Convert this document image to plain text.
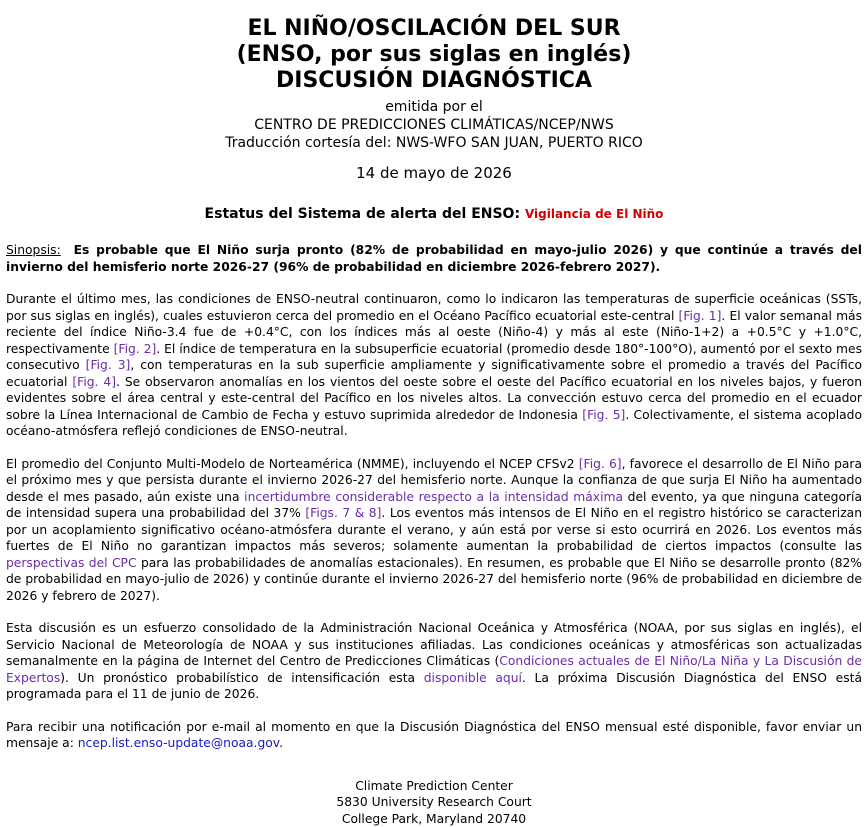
EL NIÑO/OSCILACIÓN DEL SUR
(ENSO, por sus siglas en inglés)
DISCUSIÓN DIAGNÓSTICA
emitida por el
CENTRO DE PREDICCIONES CLIMÁTICAS/NCEP/NWS
Traducción cortesía del: NWS-WFO SAN JUAN, PUERTO RICO
14 de mayo de 2026
Estatus del Sistema de alerta del ENSO: Vigilancia de El Niño

Sinopsis: Es probable que El Niño surja pronto (82% de probabilidad en mayo-julio 2026) y que continúe a través del invierno del hemisferio norte 2026-27 (96% de probabilidad en diciembre 2026-febrero 2027).

Durante el último mes, las condiciones de ENSO-neutral continuaron, como lo indicaron las temperaturas de superficie oceánicas (SSTs, por sus siglas en inglés), cuales estuvieron cerca del promedio en el Océano Pacífico ecuatorial este-central [Fig. 1]. El valor semanal más reciente del índice Niño-3.4 fue de +0.4°C, con los índices más al oeste (Niño-4) y más al este (Niño-1+2) a +0.5°C y +1.0°C, respectivamente [Fig. 2]. El índice de temperatura en la subsuperficie ecuatorial (promedio desde 180°-100°O), aumentó por el sexto mes consecutivo [Fig. 3], con temperaturas en la sub superficie ampliamente y significativamente sobre el promedio a través del Pacífico ecuatorial [Fig. 4]. Se observaron anomalías en los vientos del oeste sobre el oeste del Pacífico ecuatorial en los niveles bajos, y fueron evidentes sobre el área central y este-central del Pacífico en los niveles altos. La convección estuvo cerca del promedio en el ecuador sobre la Línea Internacional de Cambio de Fecha y estuvo suprimida alrededor de Indonesia [Fig. 5]. Colectivamente, el sistema acoplado océano-atmósfera reflejó condiciones de ENSO-neutral.

El promedio del Conjunto Multi-Modelo de Norteamérica (NMME), incluyendo el NCEP CFSv2 [Fig. 6], favorece el desarrollo de El Niño para el próximo mes y que persista durante el invierno 2026-27 del hemisferio norte. Aunque la confianza de que surja El Niño ha aumentado desde el mes pasado, aún existe una incertidumbre considerable respecto a la intensidad máxima del evento, ya que ninguna categoría de intensidad supera una probabilidad del 37% [Figs. 7 & 8]. Los eventos más intensos de El Niño en el registro histórico se caracterizan por un acoplamiento significativo océano-atmósfera durante el verano, y aún está por verse si esto ocurrirá en 2026. Los eventos más fuertes de El Niño no garantizan impactos más severos; solamente aumentan la probabilidad de ciertos impactos (consulte las perspectivas del CPC para las probabilidades de anomalías estacionales). En resumen, es probable que El Niño se desarrolle pronto (82% de probabilidad en mayo-julio de 2026) y continúe durante el invierno 2026-27 del hemisferio norte (96% de probabilidad en diciembre de 2026 y febrero de 2027).

Esta discusión es un esfuerzo consolidado de la Administración Nacional Oceánica y Atmosférica (NOAA, por sus siglas en inglés), el Servicio Nacional de Meteorología de NOAA y sus instituciones afiliadas. Las condiciones oceánicas y atmosféricas son actualizadas semanalmente en la página de Internet del Centro de Predicciones Climáticas (Condiciones actuales de El Niño/La Niña y La Discusión de Expertos). Un pronóstico probabilístico de intensificación esta disponible aquí. La próxima Discusión Diagnóstica del ENSO está programada para el 11 de junio de 2026.

Para recibir una notificación por e-mail al momento en que la Discusión Diagnóstica del ENSO mensual esté disponible, favor enviar un mensaje a: ncep.list.enso-update@noaa.gov.

Climate Prediction Center
5830 University Research Court
College Park, Maryland 20740
